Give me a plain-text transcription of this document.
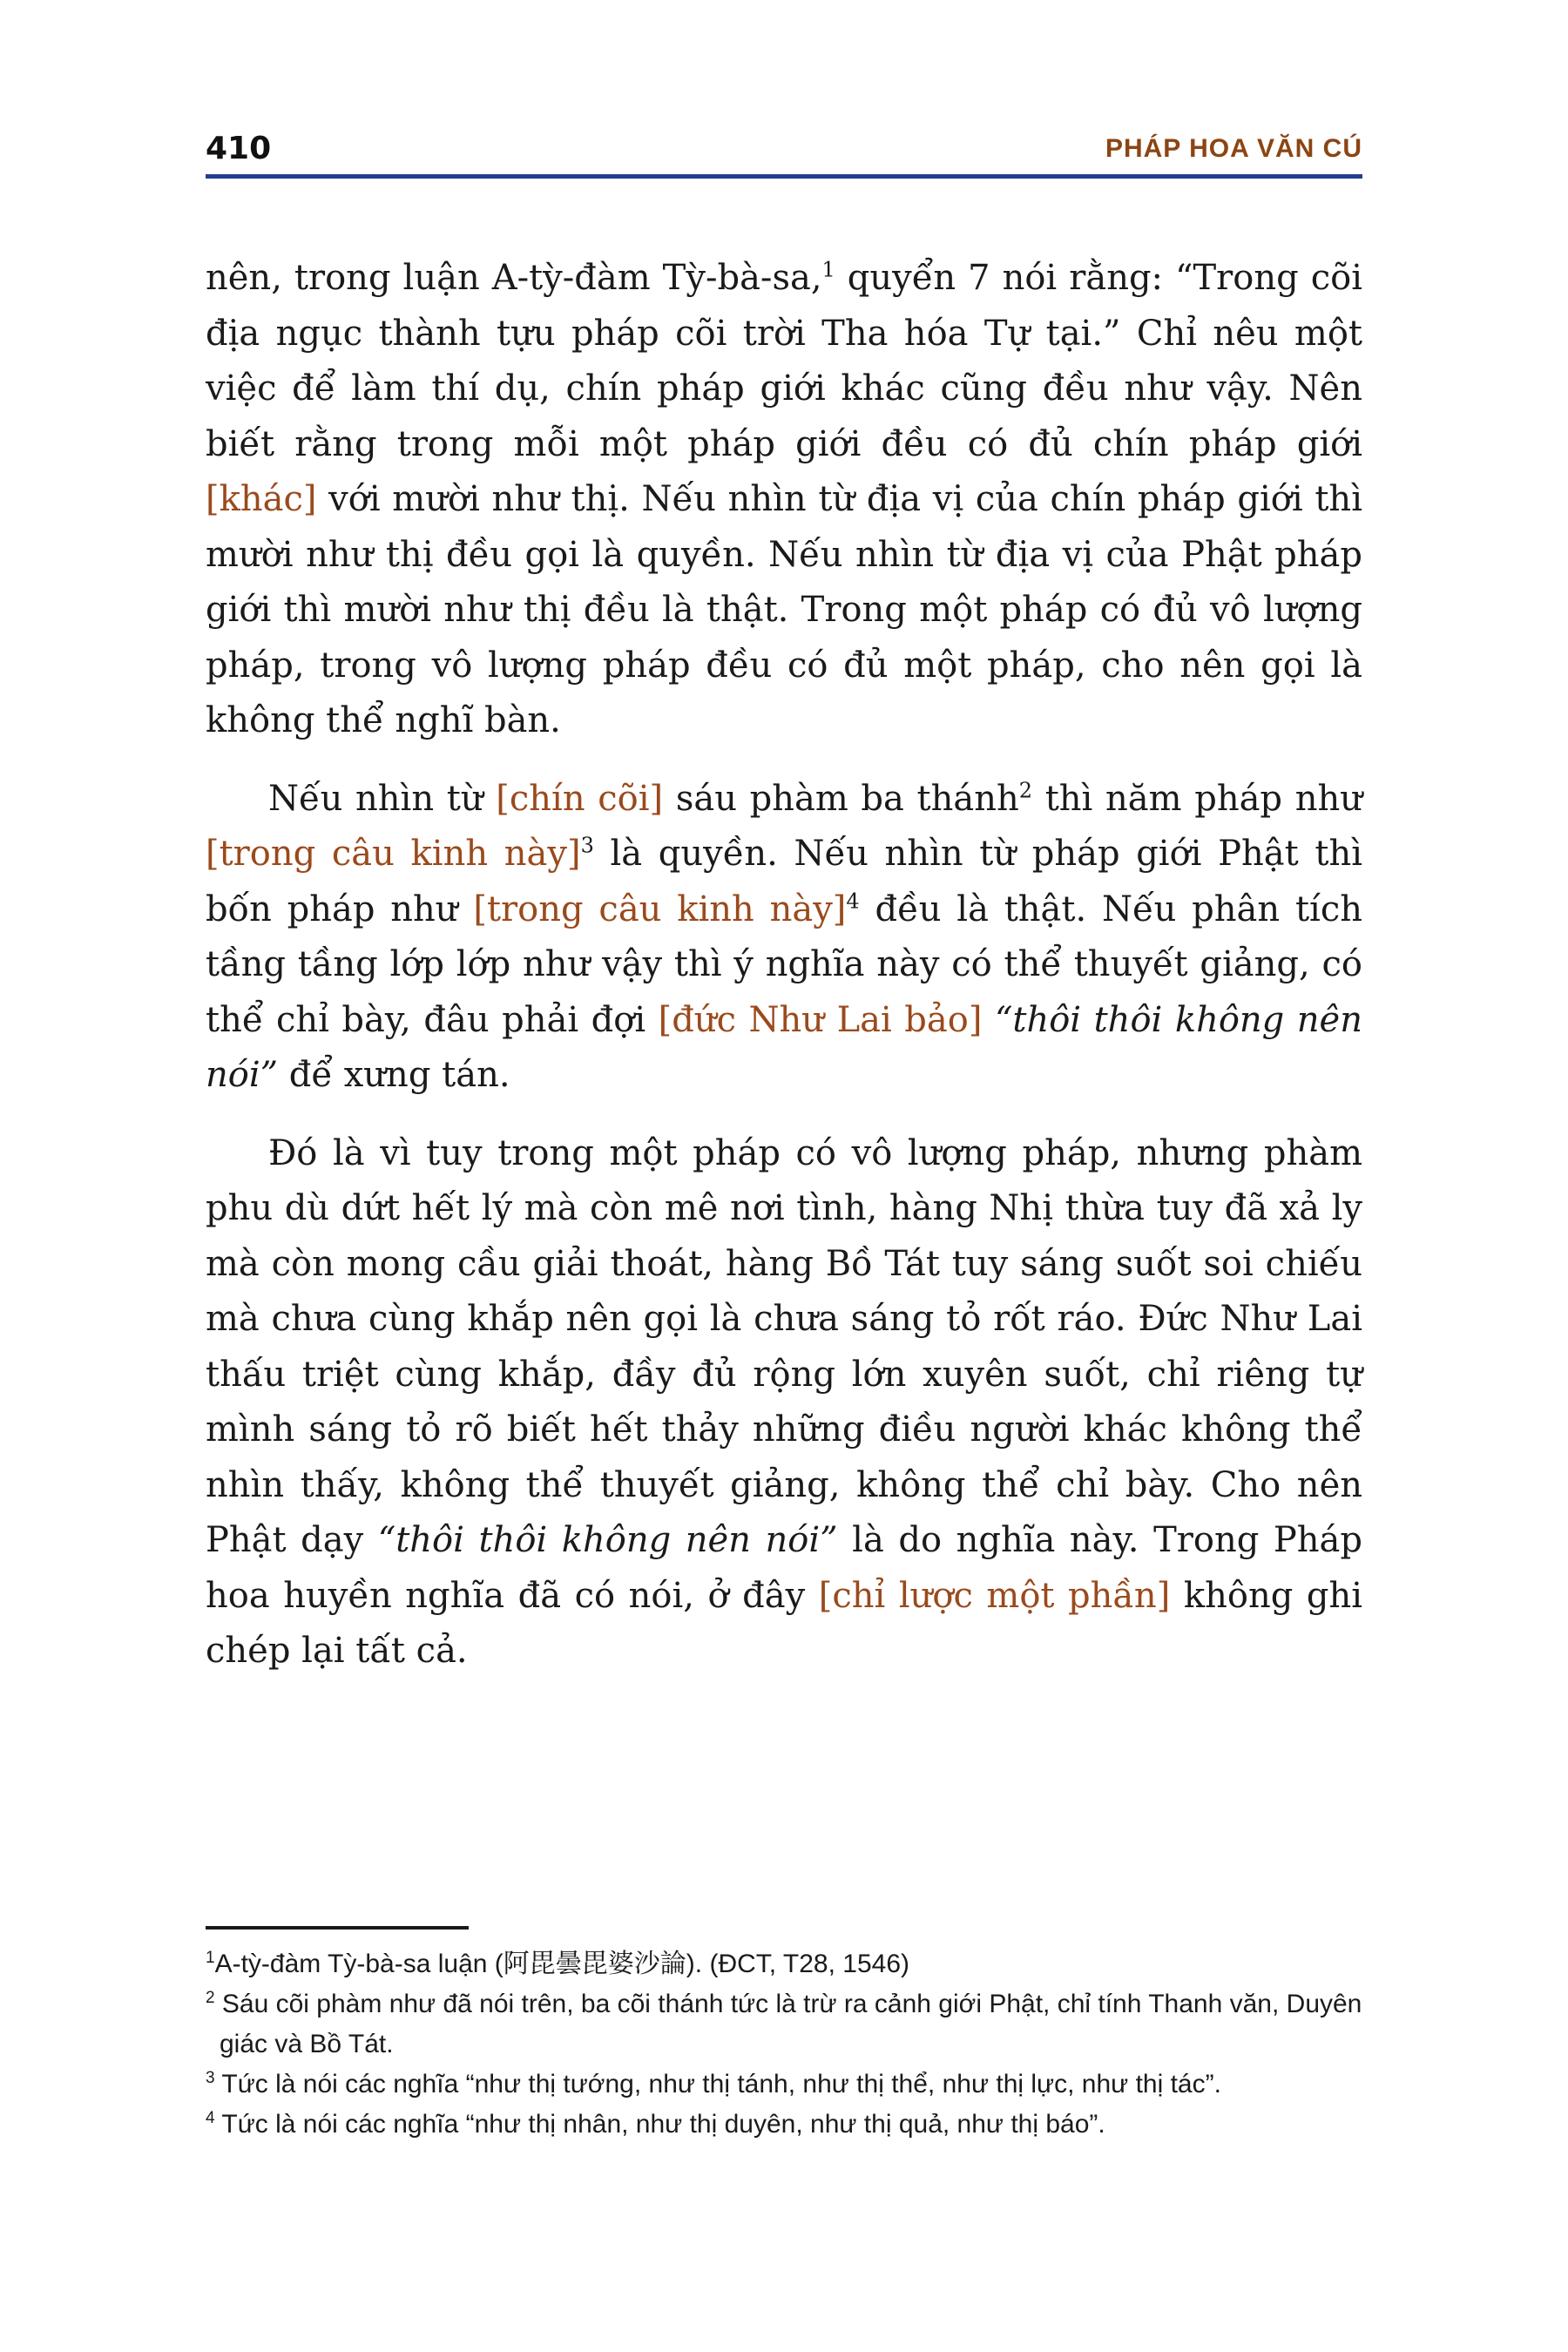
410	PHÁP HOA VĂN CÚ

nên, trong luận A-tỳ-đàm Tỳ-bà-sa,$^1$ quyển 7 nói rằng: “Trong cõi địa ngục thành tựu pháp cõi trời Tha hóa Tự tại.” Chỉ nêu một việc để làm thí dụ, chín pháp giới khác cũng đều như vậy. Nên biết rằng trong mỗi một pháp giới đều có đủ chín pháp giới [khác] với mười như thị. Nếu nhìn từ địa vị của chín pháp giới thì mười như thị đều gọi là quyền. Nếu nhìn từ địa vị của Phật pháp giới thì mười như thị đều là thật. Trong một pháp có đủ vô lượng pháp, trong vô lượng pháp đều có đủ một pháp, cho nên gọi là không thể nghĩ bàn.

Nếu nhìn từ [chín cõi] sáu phàm ba thánh$^2$ thì năm pháp như [trong câu kinh này]$^3$ là quyền. Nếu nhìn từ pháp giới Phật thì bốn pháp như [trong câu kinh này]$^4$ đều là thật. Nếu phân tích tầng tầng lớp lớp như vậy thì ý nghĩa này có thể thuyết giảng, có thể chỉ bày, đâu phải đợi [đức Như Lai bảo] “thôi thôi không nên nói” để xưng tán.

Đó là vì tuy trong một pháp có vô lượng pháp, nhưng phàm phu dù dứt hết lý mà còn mê nơi tình, hàng Nhị thừa tuy đã xả ly mà còn mong cầu giải thoát, hàng Bồ Tát tuy sáng suốt soi chiếu mà chưa cùng khắp nên gọi là chưa sáng tỏ rốt ráo. Đức Như Lai thấu triệt cùng khắp, đầy đủ rộng lớn xuyên suốt, chỉ riêng tự mình sáng tỏ rõ biết hết thảy những điều người khác không thể nhìn thấy, không thể thuyết giảng, không thể chỉ bày. Cho nên Phật dạy “thôi thôi không nên nói” là do nghĩa này. Trong Pháp hoa huyền nghĩa đã có nói, ở đây [chỉ lược một phần] không ghi chép lại tất cả.

$^1$A-tỳ-đàm Tỳ-bà-sa luận (阿毘曇毘婆沙論). (ĐCT, T28, 1546)

$^2$ Sáu cõi phàm như đã nói trên, ba cõi thánh tức là trừ ra cảnh giới Phật, chỉ tính Thanh văn, Duyên giác và Bồ Tát.

$^3$ Tức là nói các nghĩa “như thị tướng, như thị tánh, như thị thể, như thị lực, như thị tác”.

$^4$ Tức là nói các nghĩa “như thị nhân, như thị duyên, như thị quả, như thị báo”.
